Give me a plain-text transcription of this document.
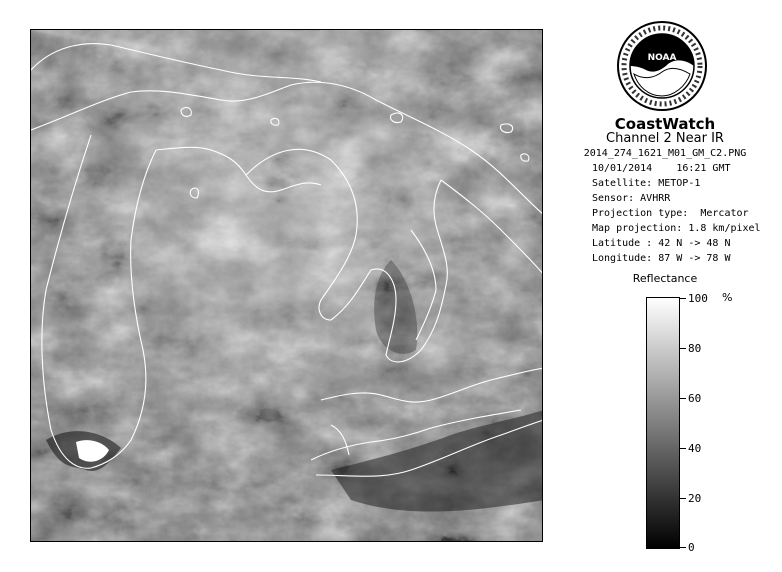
NOAA
CoastWatch
Channel 2 Near IR
2014_274_1621_M01_GM_C2.PNG
10/01/2014 16:21 GMT
Satellite: METOP-1
Sensor: AVHRR
Projection type:  Mercator
Map projection: 1.8 km/pixel
Latitude : 42 N -> 48 N
Longitude: 87 W -> 78 W
Reflectance
%
100
80
60
40
20
0
